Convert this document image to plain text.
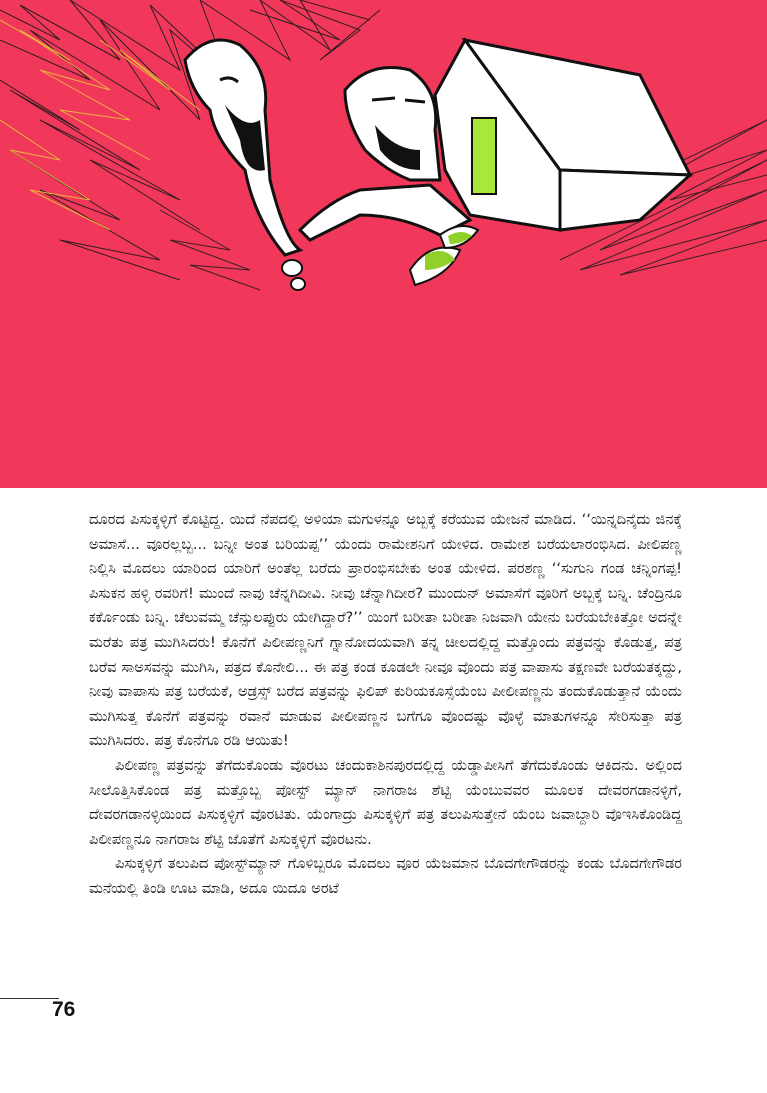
ದೂರದ ಪಿಸುಕ್ಕಳ್ಳಿಗೆ ಕೊಟ್ಟಿದ್ದ. ಯಿದೆ ನೆಪದಲ್ಲಿ ಅಳಿಯಾ ಮಗುಳನ್ನೂ ಅಬ್ಬಕ್ಕೆ ಕರೆಯುವ ಯೇಜನೆ ಮಾಡಿದ. ‘‘ಯಿನ್ನದಿನೈದು ಜಿನಕ್ಕೆ ಅಮಾಸೆ... ವೂರಲ್ಲಬ್ಬ... ಬನ್ನೀ ಅಂತ ಬರಿಯಪ್ಪ’’ ಯೆಂದು ರಾಮೇಶನಿಗೆ ಯೇಳಿದ. ರಾಮೇಶ ಬರೆಯಲಾರಂಭಿಸಿದ. ಪೀಲಿಪಣ್ಣ ನಿಲ್ಲಿಸಿ ಮೊದಲು ಯಾರಿಂದ ಯಾರಿಗೆ ಅಂತೆಲ್ಲ ಬರೆದು ಪ್ರಾರಂಭಿಸಬೇಕು ಅಂತ ಯೇಳಿದ. ಪರಶಣ್ಣ ‘‘ಸುಗುನಿ ಗಂಡ ಚನ್ನಿಂಗಪ್ಪ! ಪಿಸುಕನ ಹಳ್ಳಿ ರವರಿಗೆ! ಮುಂದೆ ನಾವು ಚೆನ್ನಗಿದೀವಿ. ನೀವು ಚೆನ್ನಾಗಿದೀರ? ಮುಂದುನ್ ಅಮಾಸೆಗೆ ವೂರಿಗೆ ಅಬ್ಬಕ್ಕೆ ಬನ್ನಿ. ಚೆಂದ್ರಿನೂ ಕರ್ಕೊಂಡು ಬನ್ನಿ. ಚೆಲುವಮ್ಮ ಚೆನ್ಸುಲಪ್ಪುರು ಯೇಗಿದ್ದಾರೆ?’’ ಯಿಂಗೆ ಬರೀತಾ ಬರೀತಾ ನಿಜವಾಗಿ ಯೇನು ಬರೆಯಬೇಕಿತ್ತೋ ಅದನ್ನೇ ಮರೆತು ಪತ್ರ ಮುಗಿಸಿದರು! ಕೊನೆಗೆ ಪಿಲೀಪಣ್ಣನಿಗೆ ಗ್ನಾನೋದಯವಾಗಿ ತನ್ನ ಚೀಲದಲ್ಲಿದ್ದ ಮತ್ತೊಂದು ಪತ್ರವನ್ನು ಕೊಡುತ್ತ, ಪತ್ರ ಬರೆವ ಸಾಅಸವನ್ನು ಮುಗಿಸಿ, ಪತ್ರದ ಕೊನೇಲಿ... ಈ ಪತ್ರ ಕಂಡ ಕೂಡಲೇ ನೀವೂ ವೊಂದು ಪತ್ರ ವಾಪಾಸು ತಕ್ಷಣವೇ ಬರೆಯತಕ್ಕದ್ದು, ನೀವು ವಾಪಾಸು ಪತ್ರ ಬರೆಯಕೆ, ಅಡ್ರಸ್ಸ್ ಬರೆದ ಪತ್ರವನ್ನು ಫಿಲಿಪ್ ಕುರಿಯಕೂಸ್ಸೆಯೆಂಬ ಪೀಲೀಪಣ್ಣನು ತಂದುಕೊಡುತ್ತಾನೆ ಯೆಂದು ಮುಗಿಸುತ್ತ ಕೊನೆಗೆ ಪತ್ರವನ್ನು ರವಾನೆ ಮಾಡುವ ಪೀಲೀಪಣ್ಣನ ಬಗೆಗೂ ವೊಂದಷ್ಟು ವೊಳ್ಳೆ ಮಾತುಗಳನ್ನೂ ಸೇರಿಸುತ್ತಾ ಪತ್ರ ಮುಗಿಸಿದರು. ಪತ್ರ ಕೊನೆಗೂ ರಡಿ ಆಯಿತು!

ಪಿಲೀಪಣ್ಣ ಪತ್ರವನ್ನು ತೆಗೆದುಕೊಂಡು ವೊರಟು ಚಂದುಕಾಶಿನಪುರದಲ್ಲಿದ್ದ ಯೆಡ್ಡಾಪೀಸಿಗೆ ತೆಗೆದುಕೊಂಡು ಆಕಿದನು. ಅಲ್ಲಿಂದ ಸೀಲೊತ್ತಿಸಿಕೊಂಡ ಪತ್ರ ಮತ್ತೊಬ್ಬ ಪೋಸ್ಟ್ ಮ್ಯಾನ್ ನಾಗರಾಜ ಶೆಟ್ಟಿ ಯೆಂಬುವವರ ಮೂಲಕ ದೇವರಗಡಾನಳ್ಳಿಗೆ, ದೇವರಗಡಾನಳ್ಳಿಯಿಂದ ಪಿಸುಕ್ಕಳ್ಳಿಗೆ ವೊರಟಿತು. ಯೆಂಗಾದ್ರು ಪಿಸುಕ್ಕಳ್ಳಿಗೆ ಪತ್ರ ತಲುಪಿಸುತ್ತೇನೆ ಯೆಂಬ ಜವಾಬ್ದಾರಿ ವೊಇಸಿಕೊಂಡಿದ್ದ ಪಿಲೀಪಣ್ಣನೂ ನಾಗರಾಜ ಶೆಟ್ಟಿ ಜೊತೆಗೆ ಪಿಸುಕ್ಕಳ್ಳಿಗೆ ವೊರಟನು.

ಪಿಸುಕ್ಕಳ್ಳಿಗೆ ತಲುಪಿದ ಪೋಸ್ಟ್‌ಮ್ಯಾನ್ ಗೊಳಿಬ್ಬರೂ ಮೊದಲು ವೂರ ಯೆಜಮಾನ ಬೊದಗೇಗೌಡರನ್ನು ಕಂಡು ಬೊದಗೇಗೌಡರ ಮನೆಯಲ್ಲಿ ತಿಂಡಿ ಊಟ ಮಾಡಿ, ಅದೂ ಯಿದೂ ಅರಟೆ

76
